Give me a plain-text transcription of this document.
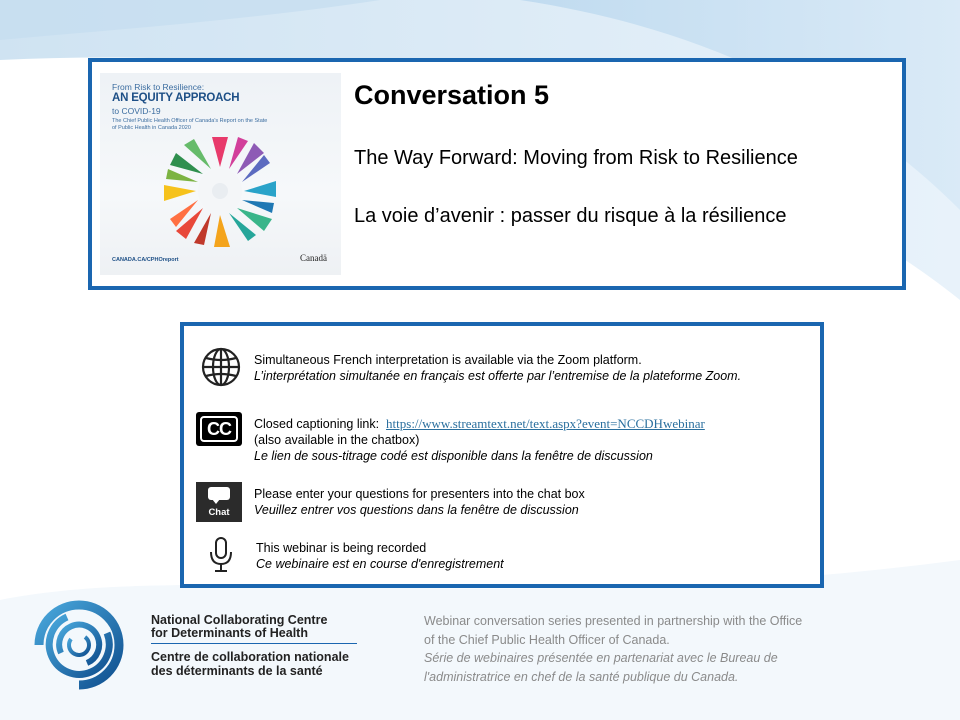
From Risk to Resilience:
AN EQUITY APPROACH
to COVID-19
The Chief Public Health Officer of Canada's Report on the State of Public Health in Canada 2020
CANADA.CA/CPHOreport	Canadä
Conversation 5
The Way Forward: Moving from Risk to Resilience
La voie d’avenir : passer du risque à la résilience
Simultaneous French interpretation is available via the Zoom platform.
L’interprétation simultanée en français est offerte par l’entremise de la plateforme Zoom.
CC	Closed captioning link: https://www.streamtext.net/text.aspx?event=NCCDHwebinar
(also available in the chatbox)
Le lien de sous-titrage codé est disponible dans la fenêtre de discussion
Chat
Please enter your questions for presenters into the chat box
Veuillez entrer vos questions dans la fenêtre de discussion
This webinar is being recorded
Ce webinaire est en course d'enregistrement
National Collaborating Centre
for Determinants of Health
Centre de collaboration nationale
des déterminants de la santé
Webinar conversation series presented in partnership with the Office
of the Chief Public Health Officer of Canada.
Série de webinaires présentée en partenariat avec le Bureau de
l'administratrice en chef de la santé publique du Canada.
